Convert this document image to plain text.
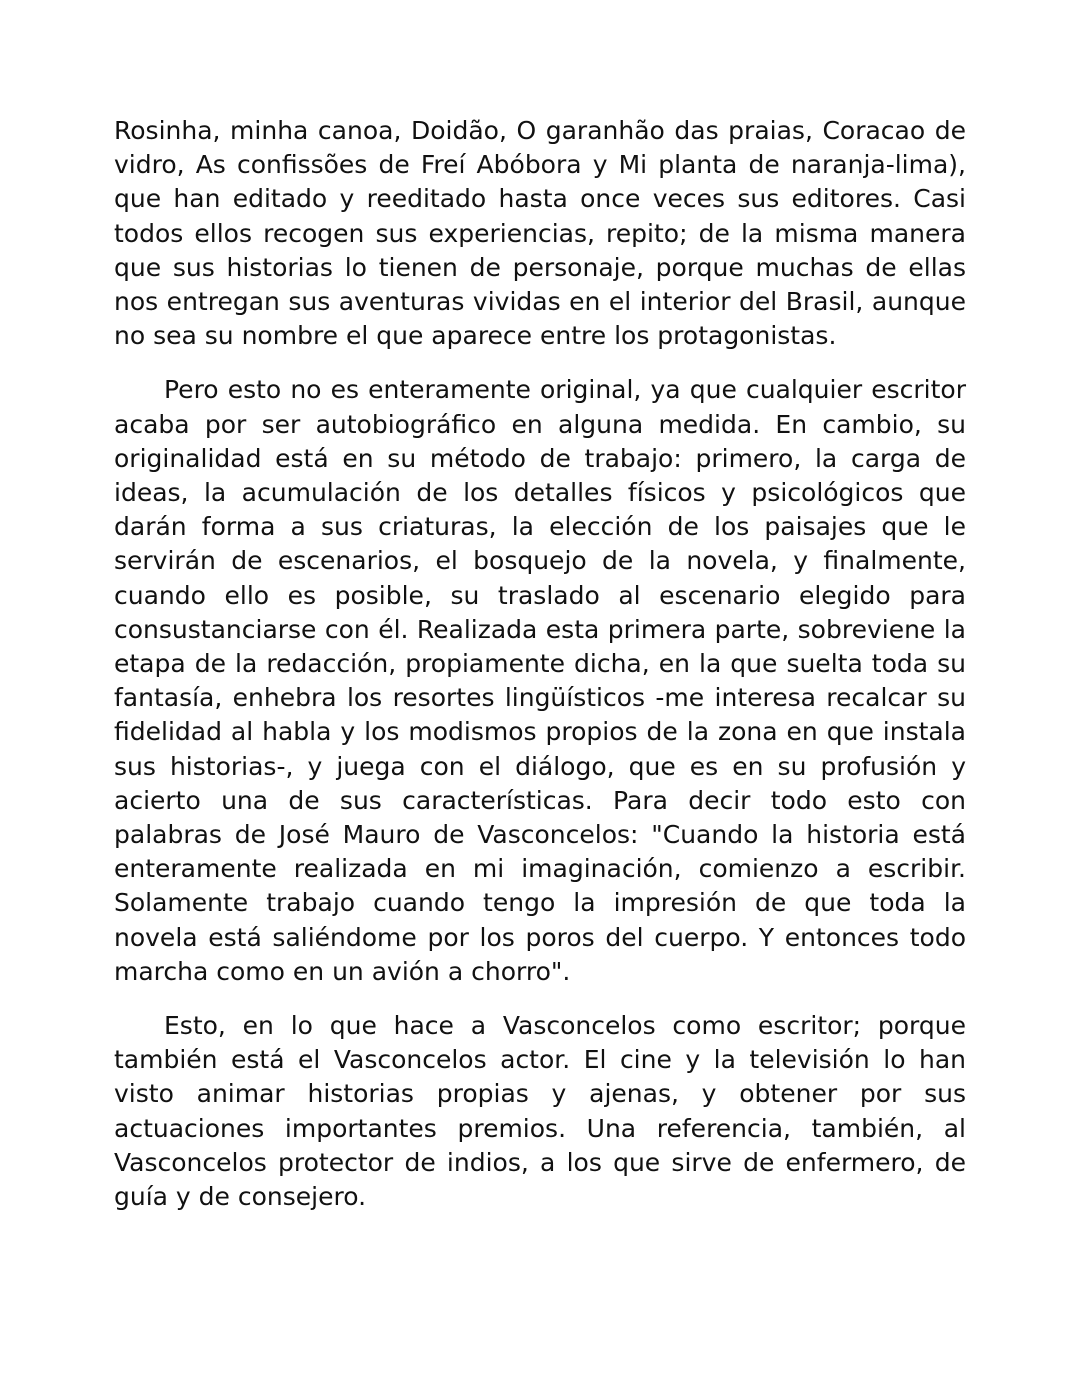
Rosinha, minha canoa, Doidão, O garanhão das praias, Coracao de vidro, As confissões de Freí Abóbora y Mi planta de naranja-lima), que han editado y reeditado hasta once veces sus editores. Casi todos ellos recogen sus experiencias, repito; de la misma manera que sus historias lo tienen de personaje, porque muchas de ellas nos entregan sus aventuras vividas en el interior del Brasil, aunque no sea su nombre el que aparece entre los protagonistas.

Pero esto no es enteramente original, ya que cualquier escritor acaba por ser autobiográfico en alguna medida. En cambio, su originalidad está en su método de trabajo: primero, la carga de ideas, la acumulación de los detalles físicos y psicológicos que darán forma a sus criaturas, la elección de los paisajes que le servirán de escenarios, el bosquejo de la novela, y finalmente, cuando ello es posible, su traslado al escenario elegido para consustanciarse con él. Realizada esta primera parte, sobreviene la etapa de la redacción, propiamente dicha, en la que suelta toda su fantasía, enhebra los resortes lingüísticos -me interesa recalcar su fidelidad al habla y los modismos propios de la zona en que instala sus historias-, y juega con el diálogo, que es en su profusión y acierto una de sus características. Para decir todo esto con palabras de José Mauro de Vasconcelos: "Cuando la historia está enteramente realizada en mi imaginación, comienzo a escribir. Solamente trabajo cuando tengo la impresión de que toda la novela está saliéndome por los poros del cuerpo. Y entonces todo marcha como en un avión a chorro".

Esto, en lo que hace a Vasconcelos como escritor; porque también está el Vasconcelos actor. El cine y la televisión lo han visto animar historias propias y ajenas, y obtener por sus actuaciones importantes premios. Una referencia, también, al Vasconcelos protector de indios, a los que sirve de enfermero, de guía y de consejero.
